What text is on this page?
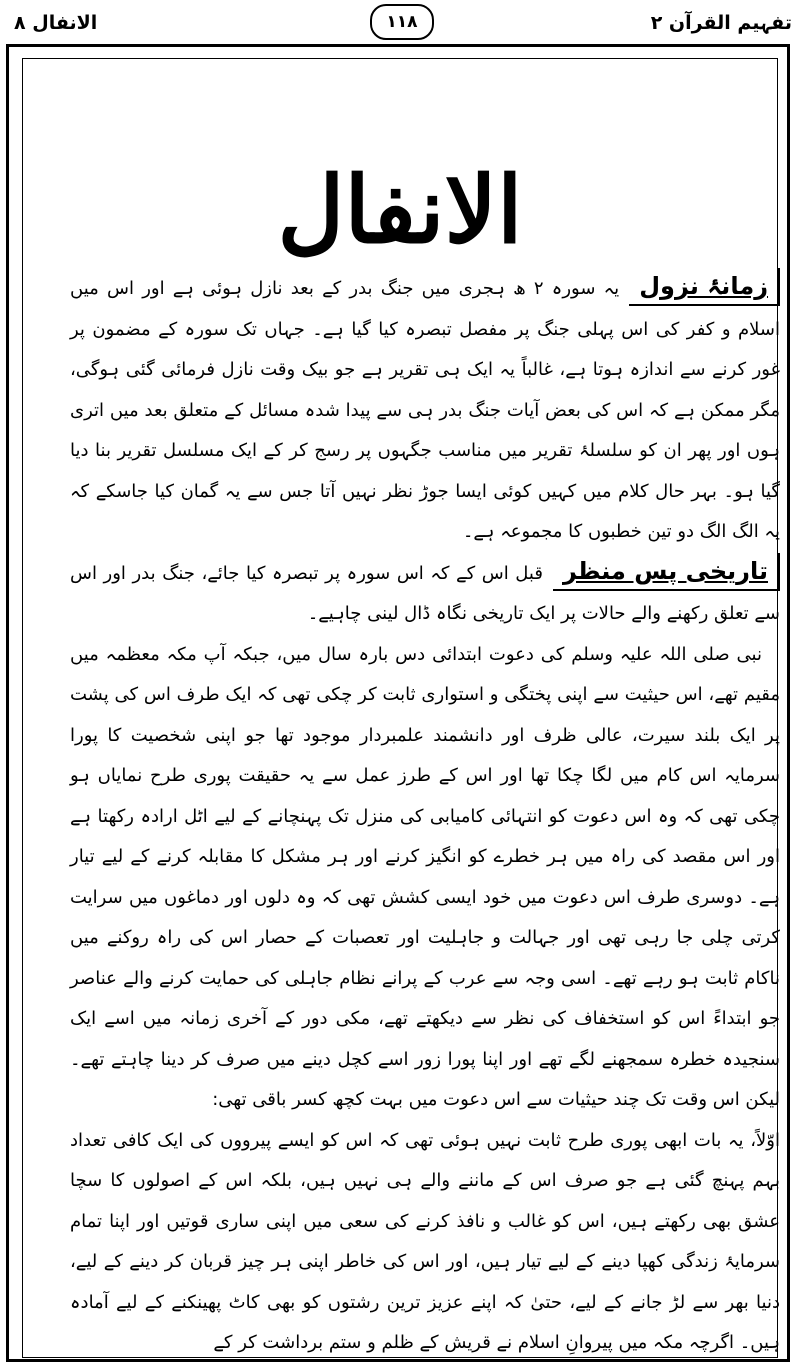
الانفال ۸	۱۱۸	تفہیم القرآن ۲
الانفال

زمانۂ نزولیہ سورہ ۲ ھ ہجری میں جنگ بدر کے بعد نازل ہوئی ہے اور اس میں اسلام و کفر کی اس پہلی جنگ پر مفصل تبصرہ کیا گیا ہے۔ جہاں تک سورہ کے مضمون پر غور کرنے سے اندازہ ہوتا ہے، غالباً یہ ایک ہی تقریر ہے جو بیک وقت نازل فرمائی گئی ہوگی، مگر ممکن ہے کہ اس کی بعض آیات جنگ بدر ہی سے پیدا شدہ مسائل کے متعلق بعد میں اتری ہوں اور پھر ان کو سلسلۂ تقریر میں مناسب جگہوں پر رسج کر کے ایک مسلسل تقریر بنا دیا گیا ہو۔ بہر حال کلام میں کہیں کوئی ایسا جوڑ نظر نہیں آتا جس سے یہ گمان کیا جاسکے کہ یہ الگ الگ دو تین خطبوں کا مجموعہ ہے۔

تاریخی پس منظرقبل اس کے کہ اس سورہ پر تبصرہ کیا جائے، جنگ بدر اور اس سے تعلق رکھنے والے حالات پر ایک تاریخی نگاہ ڈال لینی چاہیے۔

نبی صلی اللہ علیہ وسلم کی دعوت ابتدائی دس بارہ سال میں، جبکہ آپ مکہ معظمہ میں مقیم تھے، اس حیثیت سے اپنی پختگی و استواری ثابت کر چکی تھی کہ ایک طرف اس کی پشت پر ایک بلند سیرت، عالی ظرف اور دانشمند علمبردار موجود تھا جو اپنی شخصیت کا پورا سرمایہ اس کام میں لگا چکا تھا اور اس کے طرز عمل سے یہ حقیقت پوری طرح نمایاں ہو چکی تھی کہ وہ اس دعوت کو انتہائی کامیابی کی منزل تک پہنچانے کے لیے اٹل ارادہ رکھتا ہے اور اس مقصد کی راہ میں ہر خطرے کو انگیز کرنے اور ہر مشکل کا مقابلہ کرنے کے لیے تیار ہے۔ دوسری طرف اس دعوت میں خود ایسی کشش تھی کہ وہ دلوں اور دماغوں میں سرایت کرتی چلی جا رہی تھی اور جہالت و جاہلیت اور تعصبات کے حصار اس کی راہ روکنے میں ناکام ثابت ہو رہے تھے۔ اسی وجہ سے عرب کے پرانے نظام جاہلی کی حمایت کرنے والے عناصر جو ابتداءً اس کو استخفاف کی نظر سے دیکھتے تھے، مکی دور کے آخری زمانہ میں اسے ایک سنجیدہ خطرہ سمجھنے لگے تھے اور اپنا پورا زور اسے کچل دینے میں صرف کر دینا چاہتے تھے۔ لیکن اس وقت تک چند حیثیات سے اس دعوت میں بہت کچھ کسر باقی تھی:

اوّلاً، یہ بات ابھی پوری طرح ثابت نہیں ہوئی تھی کہ اس کو ایسے پیرووں کی ایک کافی تعداد بہم پہنچ گئی ہے جو صرف اس کے ماننے والے ہی نہیں ہیں، بلکہ اس کے اصولوں کا سچا عشق بھی رکھتے ہیں، اس کو غالب و نافذ کرنے کی سعی میں اپنی ساری قوتیں اور اپنا تمام سرمایۂ زندگی کھپا دینے کے لیے تیار ہیں، اور اس کی خاطر اپنی ہر چیز قربان کر دینے کے لیے، دنیا بھر سے لڑ جانے کے لیے، حتیٰ کہ اپنے عزیز ترین رشتوں کو بھی کاٹ پھینکنے کے لیے آمادہ ہیں۔ اگرچہ مکہ میں پیروانِ اسلام نے قریش کے ظلم و ستم برداشت کر کے
